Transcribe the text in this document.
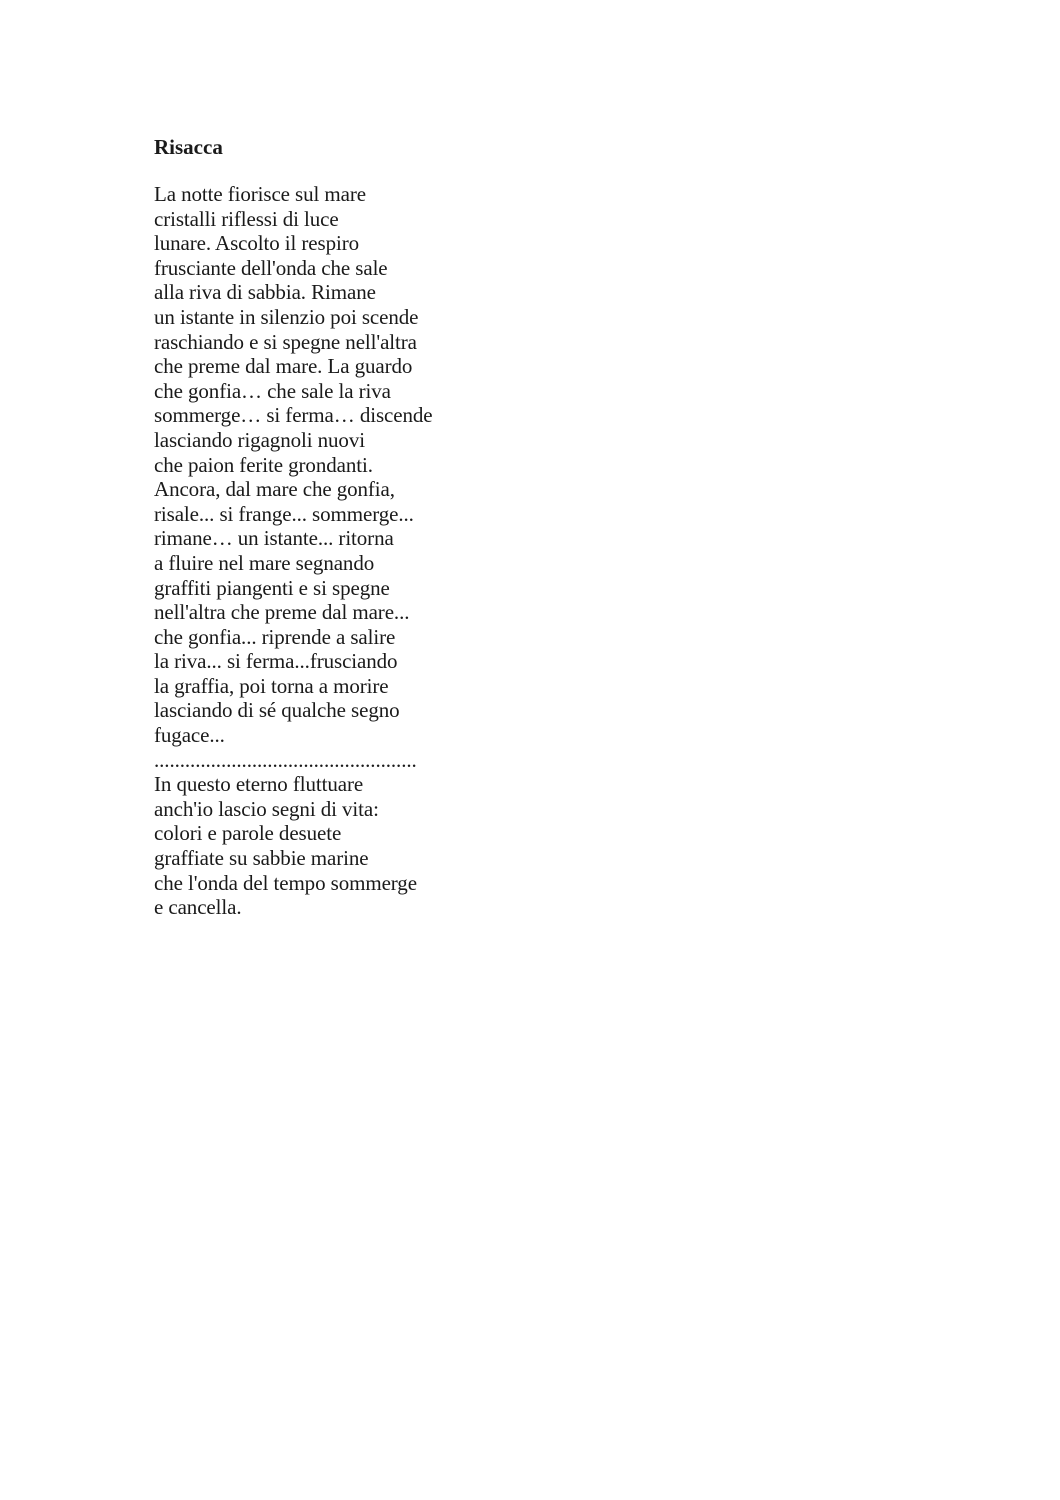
Risacca
La notte fiorisce sul mare
cristalli riflessi di luce
lunare. Ascolto il respiro
frusciante dell'onda che sale
alla riva di sabbia. Rimane
un istante in silenzio poi scende
raschiando e si spegne nell'altra
che preme dal mare. La guardo
che gonfia… che sale la riva
sommerge… si ferma… discende
lasciando rigagnoli nuovi
che paion ferite grondanti.
Ancora, dal mare che gonfia,
risale... si frange... sommerge...
rimane… un istante... ritorna
a fluire nel mare segnando
graffiti piangenti e si spegne
nell'altra che preme dal mare...
che gonfia... riprende a salire
la riva... si ferma...frusciando
la graffia, poi torna a morire
lasciando di sé qualche segno
fugace...
...................................................
In questo eterno fluttuare
anch'io lascio segni di vita:
colori e parole desuete
graffiate su sabbie marine
che l'onda del tempo sommerge
e cancella.
